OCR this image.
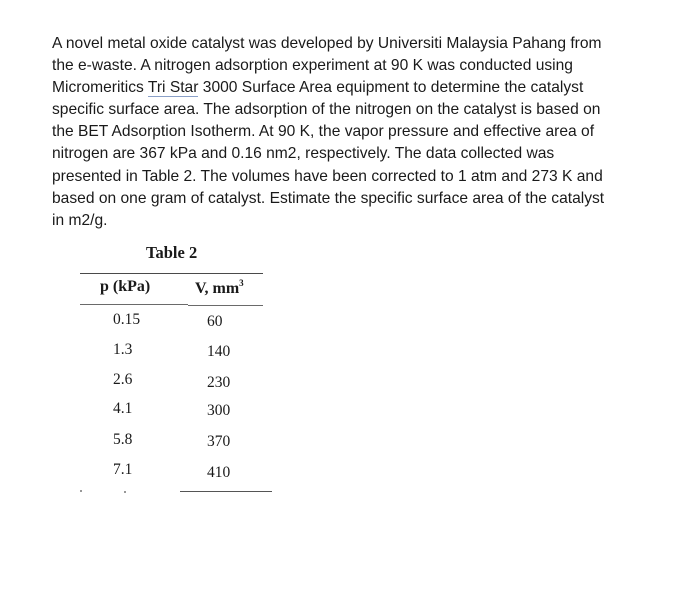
A novel metal oxide catalyst was developed by Universiti Malaysia Pahang from
the e-waste. A nitrogen adsorption experiment at 90 K was conducted using
Micromeritics Tri Star 3000 Surface Area equipment to determine the catalyst
specific surface area. The adsorption of the nitrogen on the catalyst is based on
the BET Adsorption Isotherm. At 90 K, the vapor pressure and effective area of
nitrogen are 367 kPa and 0.16 nm2, respectively. The data collected was
presented in Table 2. The volumes have been corrected to 1 atm and 273 K and
based on one gram of catalyst. Estimate the specific surface area of the catalyst
in m2/g.
Table 2
p (kPa)	V, $mm^3$
0.15	60
1.3	140
2.6	230
4.1	300
5.8	370
7.1	410
